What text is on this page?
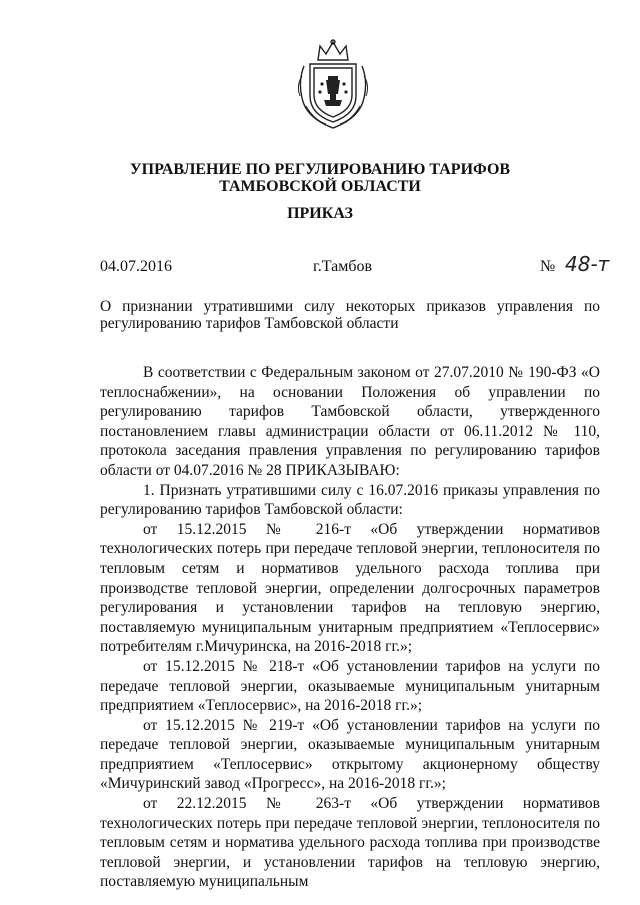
УПРАВЛЕНИЕ ПО РЕГУЛИРОВАНИЮ ТАРИФОВ
ТАМБОВСКОЙ ОБЛАСТИ
ПРИКАЗ
04.07.2016	г.Тамбов	№ 48-т
О признании утратившими силу некоторых приказов управления по регулированию тарифов Тамбовской области

В соответствии с Федеральным законом от 27.07.2010 № 190-ФЗ «О теплоснабжении», на основании Положения об управлении по регулированию тарифов Тамбовской области, утвержденного постановлением главы администрации области от 06.11.2012 № 110, протокола заседания правления управления по регулированию тарифов области от 04.07.2016 № 28 ПРИКАЗЫВАЮ:

1. Признать утратившими силу с 16.07.2016 приказы управления по регулированию тарифов Тамбовской области:

от 15.12.2015 № 216-т «Об утверждении нормативов технологических потерь при передаче тепловой энергии, теплоносителя по тепловым сетям и нормативов удельного расхода топлива при производстве тепловой энергии, определении долгосрочных параметров регулирования и установлении тарифов на тепловую энергию, поставляемую муниципальным унитарным предприятием «Теплосервис» потребителям г.Мичуринска, на 2016-2018 гг.»;

от 15.12.2015 № 218-т «Об установлении тарифов на услуги по передаче тепловой энергии, оказываемые муниципальным унитарным предприятием «Теплосервис», на 2016-2018 гг.»;

от 15.12.2015 № 219-т «Об установлении тарифов на услуги по передаче тепловой энергии, оказываемые муниципальным унитарным предприятием «Теплосервис» открытому акционерному обществу «Мичуринский завод «Прогресс», на 2016-2018 гг.»;

от 22.12.2015 № 263-т «Об утверждении нормативов технологических потерь при передаче тепловой энергии, теплоносителя по тепловым сетям и норматива удельного расхода топлива при производстве тепловой энергии, и установлении тарифов на тепловую энергию, поставляемую муниципальным
